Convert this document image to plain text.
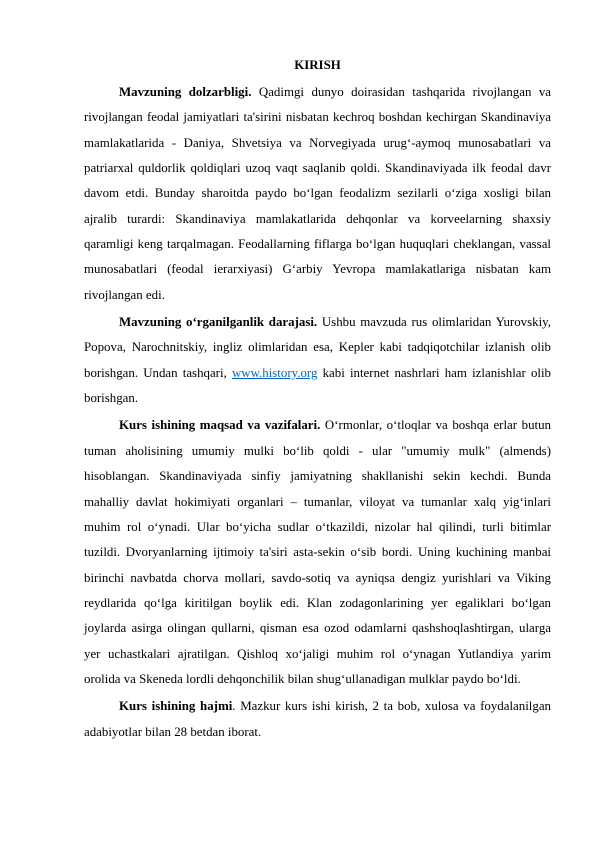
KIRISH

Mavzuning dolzarbligi. Qadimgi dunyo doirasidan tashqarida rivojlangan va rivojlangan feodal jamiyatlari ta'sirini nisbatan kechroq boshdan kechirgan Skandinaviya mamlakatlarida - Daniya, Shvetsiya va Norvegiyada urug‘-aymoq munosabatlari va patriarxal quldorlik qoldiqlari uzoq vaqt saqlanib qoldi. Skandinaviyada ilk feodal davr davom etdi. Bunday sharoitda paydo bo‘lgan feodalizm sezilarli o‘ziga xosligi bilan ajralib turardi: Skandinaviya mamlakatlarida dehqonlar va korveelarning shaxsiy qaramligi keng tarqalmagan. Feodallarning fiflarga bo‘lgan huquqlari cheklangan, vassal munosabatlari (feodal ierarxiyasi) G‘arbiy Yevropa mamlakatlariga nisbatan kam rivojlangan edi.

Mavzuning o‘rganilganlik darajasi. Ushbu mavzuda rus olimlaridan Yurovskiy, Popova, Narochnitskiy, ingliz olimlaridan esa, Kepler kabi tadqiqotchilar izlanish olib borishgan. Undan tashqari, www.history.org kabi internet nashrlari ham izlanishlar olib borishgan.

Kurs ishining maqsad va vazifalari. O‘rmonlar, o‘tloqlar va boshqa erlar butun tuman aholisining umumiy mulki bo‘lib qoldi - ular "umumiy mulk" (almends) hisoblangan. Skandinaviyada sinfiy jamiyatning shakllanishi sekin kechdi. Bunda mahalliy davlat hokimiyati organlari – tumanlar, viloyat va tumanlar xalq yig‘inlari muhim rol o‘ynadi. Ular bo‘yicha sudlar o‘tkazildi, nizolar hal qilindi, turli bitimlar tuzildi. Dvoryanlarning ijtimoiy ta'siri asta-sekin o‘sib bordi. Uning kuchining manbai birinchi navbatda chorva mollari, savdo-sotiq va ayniqsa dengiz yurishlari va Viking reydlarida qo‘lga kiritilgan boylik edi. Klan zodagonlarining yer egaliklari bo‘lgan joylarda asirga olingan qullarni, qisman esa ozod odamlarni qashshoqlashtirgan, ularga yer uchastkalari ajratilgan. Qishloq xo‘jaligi muhim rol o‘ynagan Yutlandiya yarim orolida va Skeneda lordli dehqonchilik bilan shug‘ullanadigan mulklar paydo bo‘ldi.

Kurs ishining hajmi. Mazkur kurs ishi kirish, 2 ta bob, xulosa va foydalanilgan adabiyotlar bilan 28 betdan iborat.
